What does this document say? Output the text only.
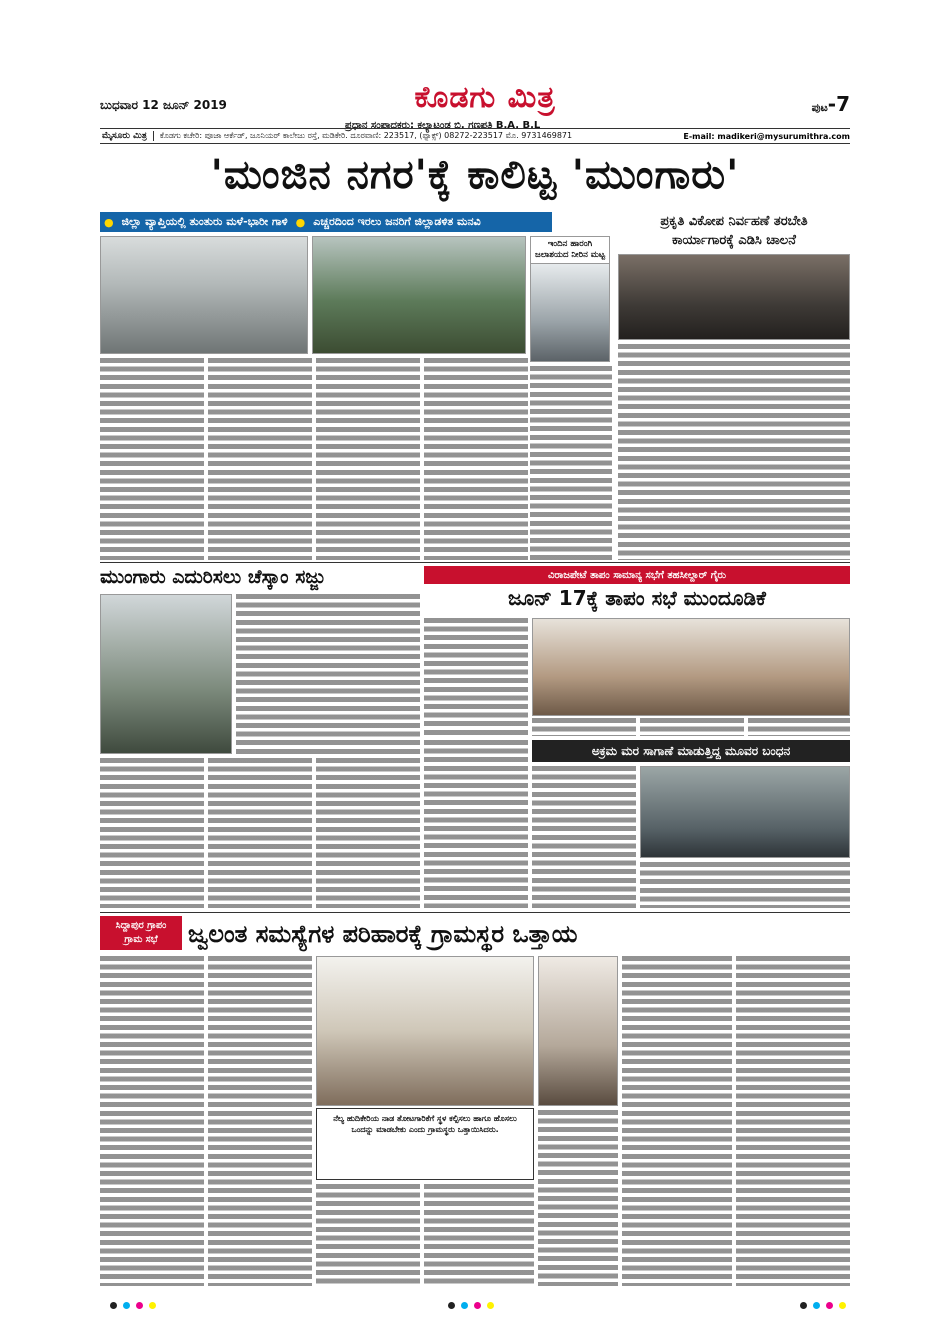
ಬುಧವಾರ 12 ಜೂನ್ 2019	ಕೊಡಗು ಮಿತ್ರ
ಪ್ರಧಾನ ಸಂಪಾದಕರು: ಕಲ್ಯಾಟಂಡ ಬಿ. ಗಣಪತಿ B.A. B.L
ಪುಟ-7
ಮೈಸೂರು ಮಿತ್ರ	ಕೊಡಗು ಕಚೇರಿ: ಪೂಜಾ ಆರ್ಕೆಡ್, ಜೂನಿಯರ್ ಕಾಲೇಜು ರಸ್ತೆ, ಮಡಿಕೇರಿ. ದೂರವಾಣಿ: 223517, (ಫ್ಯಾಕ್ಸ್) 08272-223517 ಮೊ. 9731469871	E-mail: madikeri@mysurumithra.com
'ಮಂಜಿನ ನಗರ'ಕ್ಕೆ ಕಾಲಿಟ್ಟ 'ಮುಂಗಾರು'
● ಜಿಲ್ಲಾ ವ್ಯಾಪ್ತಿಯಲ್ಲಿ ತುಂತುರು ಮಳೆ-ಭಾರೀ ಗಾಳಿ ● ಎಚ್ಚರದಿಂದ ಇರಲು ಜನರಿಗೆ ಜಿಲ್ಲಾಡಳಿತ ಮನವಿ
ಇಂದಿನ ಹಾರಂಗಿ ಜಲಾಶಯದ ನೀರಿನ ಮಟ್ಟ
ಪ್ರಕೃತಿ ವಿಕೋಪ ನಿರ್ವಹಣೆ ತರಬೇತಿ
ಕಾರ್ಯಾಗಾರಕ್ಕೆ ಎಡಿಸಿ ಚಾಲನೆ
ಮುಂಗಾರು ಎದುರಿಸಲು ಚೆಸ್ಕಾಂ ಸಜ್ಜು	ವಿರಾಜಪೇಟೆ ತಾಪಂ ಸಾಮಾನ್ಯ ಸಭೆಗೆ ತಹಸೀಲ್ದಾರ್ ಗೈರು
ಜೂನ್ 17ಕ್ಕೆ ತಾಪಂ ಸಭೆ ಮುಂದೂಡಿಕೆ
ಅಕ್ರಮ ಮರ ಸಾಗಾಣೆ ಮಾಡುತ್ತಿದ್ದ ಮೂವರ ಬಂಧನ
ಸಿದ್ದಾಪುರ ಗ್ರಾಪಂ
ಗ್ರಾಮ ಸಭೆ ಜ್ವಲಂತ ಸಮಸ್ಯೆಗಳ ಪರಿಹಾರಕ್ಕೆ ಗ್ರಾಮಸ್ಥರ ಒತ್ತಾಯ
ನೆಲ್ಯ ಹುದಿಕೇರಿಯ ನಾಡ ತೋಟಗಾರಿಕೆಗೆ ಸ್ಥಳ ಕಲ್ಪಿಸಲು ಹಾಗೂ ಹೊಸಲು ಒಂದನ್ನು ಮಾಡಬೇಕು ಎಂದು ಗ್ರಾಮಸ್ಥರು ಒತ್ತಾಯಿಸಿದರು.
